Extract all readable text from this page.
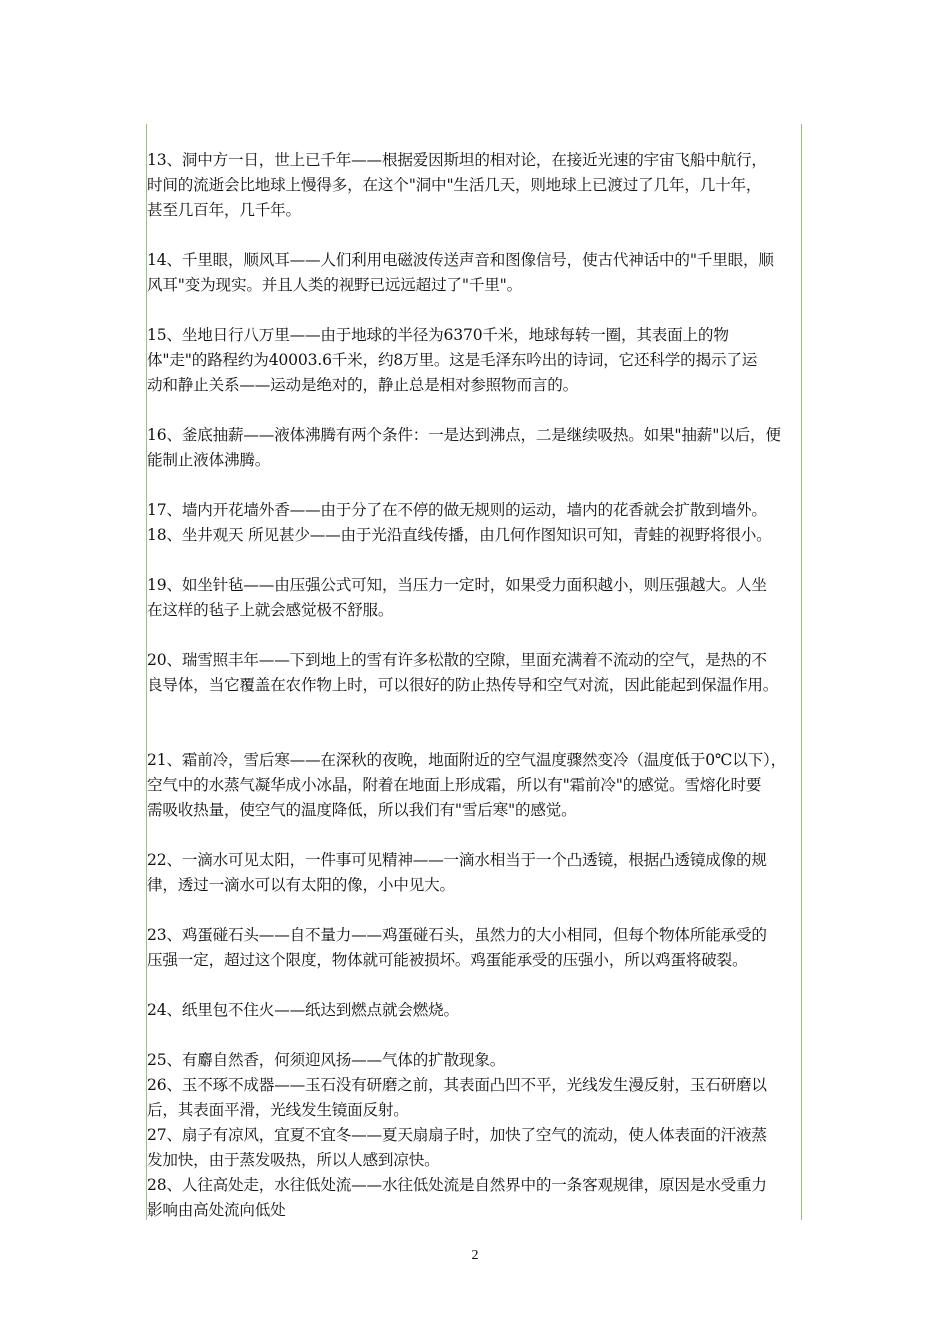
13、洞中方一日，世上已千年——根据爱因斯坦的相对论，在接近光速的宇宙飞船中航行，
时间的流逝会比地球上慢得多，在这个"洞中"生活几天，则地球上已渡过了几年，几十年，
甚至几百年，几千年。
14、千里眼，顺风耳——人们利用电磁波传送声音和图像信号，使古代神话中的"千里眼，顺
风耳"变为现实。并且人类的视野已远远超过了"千里"。
15、坐地日行八万里——由于地球的半径为6370千米，地球每转一圈，其表面上的物
体"走"的路程约为40003.6千米，约8万里。这是毛泽东吟出的诗词，它还科学的揭示了运
动和静止关系——运动是绝对的，静止总是相对参照物而言的。
16、釜底抽薪——液体沸腾有两个条件：一是达到沸点，二是继续吸热。如果"抽薪"以后，便
能制止液体沸腾。
17、墙内开花墙外香——由于分了在不停的做无规则的运动，墙内的花香就会扩散到墙外。
18、坐井观天 所见甚少——由于光沿直线传播，由几何作图知识可知，青蛙的视野将很小。
19、如坐针毡——由压强公式可知，当压力一定时，如果受力面积越小，则压强越大。人坐
在这样的毡子上就会感觉极不舒服。
20、瑞雪照丰年——下到地上的雪有许多松散的空隙，里面充满着不流动的空气，是热的不
良导体，当它覆盖在农作物上时，可以很好的防止热传导和空气对流，因此能起到保温作用。
21、霜前冷，雪后寒——在深秋的夜晚，地面附近的空气温度骤然变冷（温度低于0℃以下），
空气中的水蒸气凝华成小冰晶，附着在地面上形成霜，所以有"霜前冷"的感觉。雪熔化时要
需吸收热量，使空气的温度降低，所以我们有"雪后寒"的感觉。
22、一滴水可见太阳，一件事可见精神——一滴水相当于一个凸透镜，根据凸透镜成像的规
律，透过一滴水可以有太阳的像，小中见大。
23、鸡蛋碰石头——自不量力——鸡蛋碰石头，虽然力的大小相同，但每个物体所能承受的
压强一定，超过这个限度，物体就可能被损坏。鸡蛋能承受的压强小，所以鸡蛋将破裂。
24、纸里包不住火——纸达到燃点就会燃烧。
25、有麝自然香，何须迎风扬——气体的扩散现象。
26、玉不琢不成器——玉石没有研磨之前，其表面凸凹不平，光线发生漫反射，玉石研磨以
后，其表面平滑，光线发生镜面反射。
27、扇子有凉风，宜夏不宜冬——夏天扇扇子时，加快了空气的流动，使人体表面的汗液蒸
发加快，由于蒸发吸热，所以人感到凉快。
28、人往高处走，水往低处流——水往低处流是自然界中的一条客观规律，原因是水受重力
影响由高处流向低处
2
